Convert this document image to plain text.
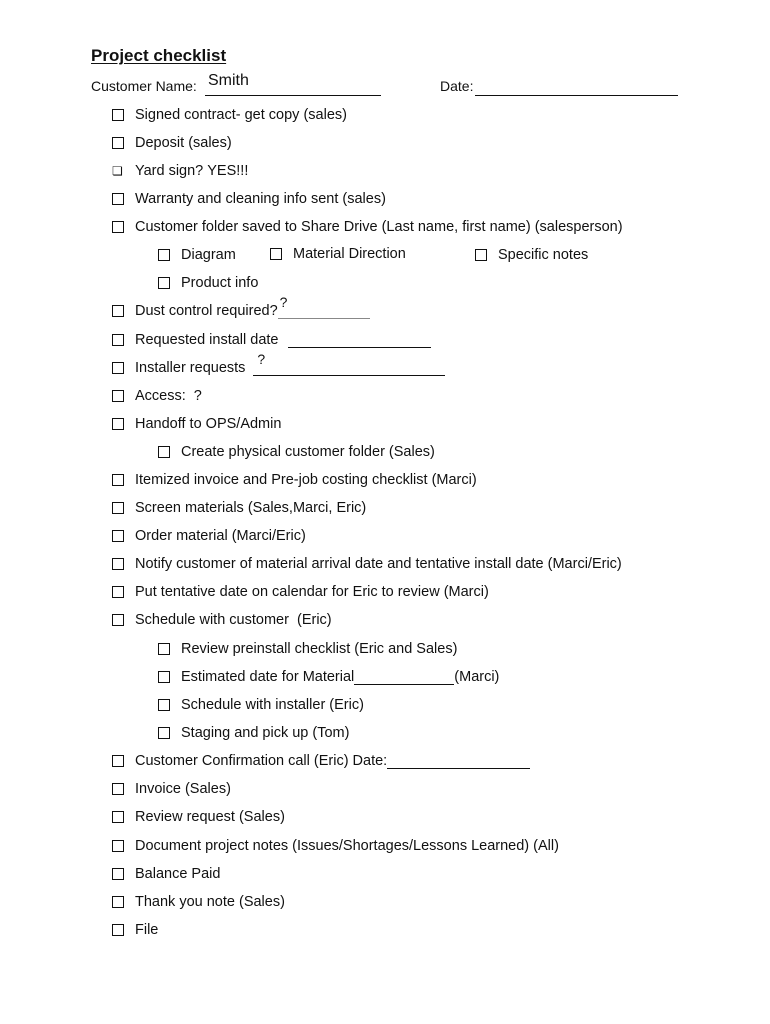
Project checklist
Customer Name: Smith	Date:
Signed contract- get copy (sales)
Deposit (sales)
❏ Yard sign? YES!!!
Warranty and cleaning info sent (sales)
Customer folder saved to Share Drive (Last name, first name) (salesperson)
Diagram	Material Direction	Specific notes
Product info
Dust control required?
?
Requested install date
Installer requests
?
Access: ?
Handoff to OPS/Admin
Create physical customer folder (Sales)
Itemized invoice and Pre-job costing checklist (Marci)
Screen materials (Sales,Marci, Eric)
Order material (Marci/Eric)
Notify customer of material arrival date and tentative install date (Marci/Eric)
Put tentative date on calendar for Eric to review (Marci)
Schedule with customer  (Eric)
Review preinstall checklist (Eric and Sales)
Estimated date for Material	(Marci)
Schedule with installer (Eric)
Staging and pick up (Tom)
Customer Confirmation call (Eric) Date:
Invoice (Sales)
Review request (Sales)
Document project notes (Issues/Shortages/Lessons Learned) (All)
Balance Paid
Thank you note (Sales)
File
